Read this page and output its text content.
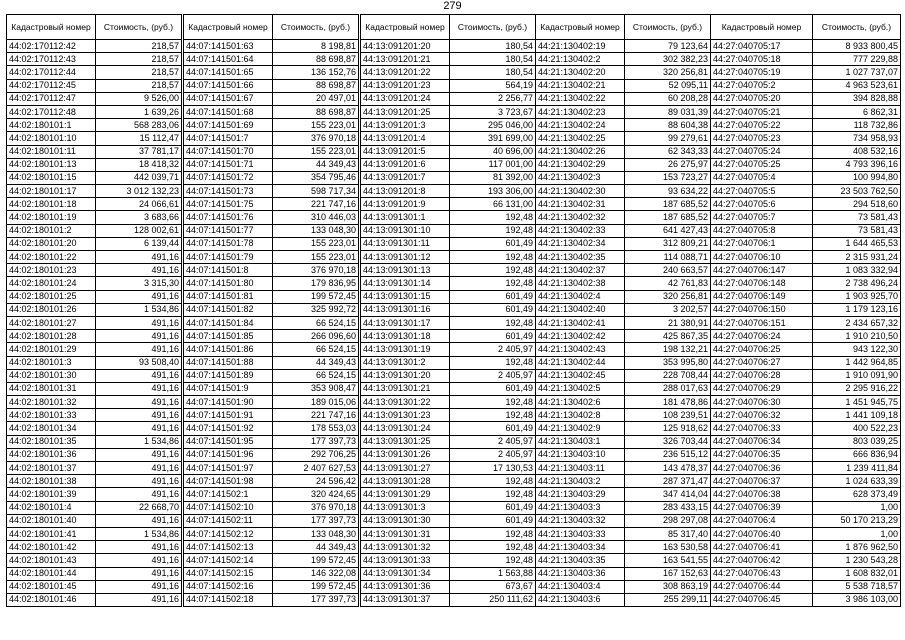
279
Кадастровый номер	Стоимость, (руб.)
44:02:170112:42	218,57
44:02:170112:43	218,57
44:02:170112:44	218,57
44:02:170112:45	218,57
44:02:170112:47	9 526,00
44:02:170112:48	1 639,26
44:02:180101:1	568 283,06
44:02:180101:10	15 112,47
44:02:180101:11	37 781,17
44:02:180101:13	18 418,32
44:02:180101:15	442 039,71
44:02:180101:17	3 012 132,23
44:02:180101:18	24 066,61
44:02:180101:19	3 683,66
44:02:180101:2	128 002,61
44:02:180101:20	6 139,44
44:02:180101:22	491,16
44:02:180101:23	491,16
44:02:180101:24	3 315,30
44:02:180101:25	491,16
44:02:180101:26	1 534,86
44:02:180101:27	491,16
44:02:180101:28	491,16
44:02:180101:29	491,16
44:02:180101:3	93 508,40
44:02:180101:30	491,16
44:02:180101:31	491,16
44:02:180101:32	491,16
44:02:180101:33	491,16
44:02:180101:34	491,16
44:02:180101:35	1 534,86
44:02:180101:36	491,16
44:02:180101:37	491,16
44:02:180101:38	491,16
44:02:180101:39	491,16
44:02:180101:4	22 668,70
44:02:180101:40	491,16
44:02:180101:41	1 534,86
44:02:180101:42	491,16
44:02:180101:43	491,16
44:02:180101:44	491,16
44:02:180101:45	491,16
44:02:180101:46	491,16
Кадастровый номер	Стоимость, (руб.)
44:07:141501:63	8 198,81
44:07:141501:64	88 698,87
44:07:141501:65	136 152,76
44:07:141501:66	88 698,87
44:07:141501:67	20 497,01
44:07:141501:68	88 698,87
44:07:141501:69	155 223,01
44:07:141501:7	376 970,18
44:07:141501:70	155 223,01
44:07:141501:71	44 349,43
44:07:141501:72	354 795,46
44:07:141501:73	598 717,34
44:07:141501:75	221 747,16
44:07:141501:76	310 446,03
44:07:141501:77	133 048,30
44:07:141501:78	155 223,01
44:07:141501:79	155 223,01
44:07:141501:8	376 970,18
44:07:141501:80	179 836,95
44:07:141501:81	199 572,45
44:07:141501:82	325 992,72
44:07:141501:84	66 524,15
44:07:141501:85	266 096,60
44:07:141501:86	66 524,15
44:07:141501:88	44 349,43
44:07:141501:89	66 524,15
44:07:141501:9	353 908,47
44:07:141501:90	189 015,06
44:07:141501:91	221 747,16
44:07:141501:92	178 553,03
44:07:141501:95	177 397,73
44:07:141501:96	292 706,25
44:07:141501:97	2 407 627,53
44:07:141501:98	24 596,42
44:07:141502:1	320 424,65
44:07:141502:10	376 970,18
44:07:141502:11	177 397,73
44:07:141502:12	133 048,30
44:07:141502:13	44 349,43
44:07:141502:14	199 572,45
44:07:141502:15	146 322,08
44:07:141502:16	199 572,45
44:07:141502:18	177 397,73
Кадастровый номер	Стоимость, (руб.)
44:13:091201:20	180,54
44:13:091201:21	180,54
44:13:091201:22	180,54
44:13:091201:23	564,19
44:13:091201:24	2 256,77
44:13:091201:25	3 723,67
44:13:091201:3	295 046,00
44:13:091201:4	391 699,00
44:13:091201:5	40 696,00
44:13:091201:6	117 001,00
44:13:091201:7	81 392,00
44:13:091201:8	193 306,00
44:13:091201:9	66 131,00
44:13:091301:1	192,48
44:13:091301:10	192,48
44:13:091301:11	601,49
44:13:091301:12	192,48
44:13:091301:13	192,48
44:13:091301:14	192,48
44:13:091301:15	601,49
44:13:091301:16	601,49
44:13:091301:17	192,48
44:13:091301:18	601,49
44:13:091301:19	2 405,97
44:13:091301:2	192,48
44:13:091301:20	2 405,97
44:13:091301:21	601,49
44:13:091301:22	192,48
44:13:091301:23	192,48
44:13:091301:24	601,49
44:13:091301:25	2 405,97
44:13:091301:26	2 405,97
44:13:091301:27	17 130,53
44:13:091301:28	192,48
44:13:091301:29	192,48
44:13:091301:3	601,49
44:13:091301:30	601,49
44:13:091301:31	192,48
44:13:091301:32	192,48
44:13:091301:33	192,48
44:13:091301:34	1 563,88
44:13:091301:36	673,67
44:13:091301:37	250 111,62
Кадастровый номер	Стоимость, (руб.)
44:21:130402:19	79 123,64
44:21:130402:2	302 382,23
44:21:130402:20	320 256,81
44:21:130402:21	52 095,11
44:21:130402:22	60 208,28
44:21:130402:23	89 031,39
44:21:130402:24	88 604,38
44:21:130402:25	99 279,61
44:21:130402:26	62 343,33
44:21:130402:29	26 275,97
44:21:130402:3	153 723,27
44:21:130402:30	93 634,22
44:21:130402:31	187 685,52
44:21:130402:32	187 685,52
44:21:130402:33	641 427,43
44:21:130402:34	312 809,21
44:21:130402:35	114 088,71
44:21:130402:37	240 663,57
44:21:130402:38	42 761,83
44:21:130402:4	320 256,81
44:21:130402:40	3 202,57
44:21:130402:41	21 380,91
44:21:130402:42	425 867,35
44:21:130402:43	198 132,21
44:21:130402:44	353 995,80
44:21:130402:45	228 708,44
44:21:130402:5	288 017,63
44:21:130402:6	181 478,86
44:21:130402:8	108 239,51
44:21:130402:9	125 918,62
44:21:130403:1	326 703,44
44:21:130403:10	236 515,12
44:21:130403:11	143 478,37
44:21:130403:2	287 371,47
44:21:130403:29	347 414,04
44:21:130403:3	283 433,15
44:21:130403:32	298 297,08
44:21:130403:33	85 317,40
44:21:130403:34	163 530,58
44:21:130403:35	163 541,55
44:21:130403:36	167 152,63
44:21:130403:4	308 863,19
44:21:130403:6	255 299,11
Кадастровый номер	Стоимость, (руб.)
44:27:040705:17	8 933 800,45
44:27:040705:18	777 229,88
44:27:040705:19	1 027 737,07
44:27:040705:2	4 963 523,61
44:27:040705:20	394 828,88
44:27:040705:21	6 862,31
44:27:040705:22	118 732,86
44:27:040705:23	734 958,93
44:27:040705:24	408 532,16
44:27:040705:25	4 793 396,16
44:27:040705:4	100 994,80
44:27:040705:5	23 503 762,50
44:27:040705:6	294 518,60
44:27:040705:7	73 581,43
44:27:040705:8	73 581,43
44:27:040706:1	1 644 465,53
44:27:040706:10	2 315 931,24
44:27:040706:147	1 083 332,94
44:27:040706:148	2 738 496,24
44:27:040706:149	1 903 925,70
44:27:040706:150	1 179 123,16
44:27:040706:151	2 434 657,32
44:27:040706:24	1 910 210,50
44:27:040706:25	943 122,30
44:27:040706:27	1 442 964,85
44:27:040706:28	1 910 091,90
44:27:040706:29	2 295 916,22
44:27:040706:30	1 451 945,75
44:27:040706:32	1 441 109,18
44:27:040706:33	400 522,23
44:27:040706:34	803 039,25
44:27:040706:35	666 836,94
44:27:040706:36	1 239 411,84
44:27:040706:37	1 024 633,39
44:27:040706:38	628 373,49
44:27:040706:39	1,00
44:27:040706:4	50 170 213,29
44:27:040706:40	1,00
44:27:040706:41	1 876 962,50
44:27:040706:42	1 230 543,28
44:27:040706:43	1 608 832,01
44:27:040706:44	5 538 718,57
44:27:040706:45	3 986 103,00
